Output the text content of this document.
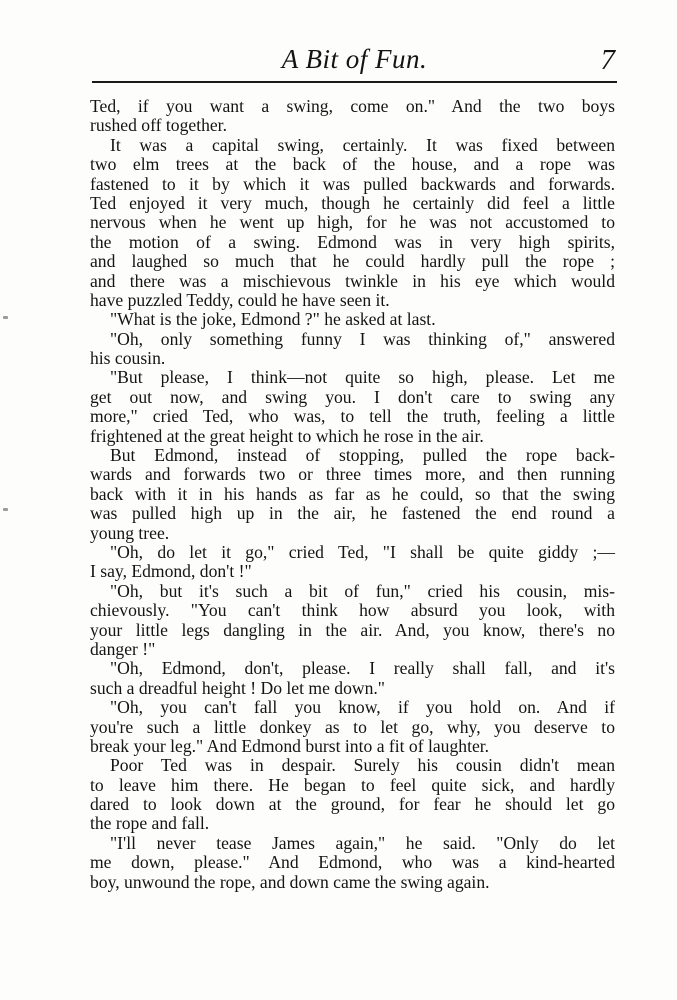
A Bit of Fun.	7
Ted, if you want a swing, come on." And the two boys
rushed off together.
It was a capital swing, certainly. It was fixed between
two elm trees at the back of the house, and a rope was
fastened to it by which it was pulled backwards and forwards.
Ted enjoyed it very much, though he certainly did feel a little
nervous when he went up high, for he was not accustomed to
the motion of a swing. Edmond was in very high spirits,
and laughed so much that he could hardly pull the rope ;
and there was a mischievous twinkle in his eye which would
have puzzled Teddy, could he have seen it.
"What is the joke, Edmond ?" he asked at last.
"Oh, only something funny I was thinking of," answered
his cousin.
"But please, I think—not quite so high, please. Let me
get out now, and swing you. I don't care to swing any
more," cried Ted, who was, to tell the truth, feeling a little
frightened at the great height to which he rose in the air.
But Edmond, instead of stopping, pulled the rope back-
wards and forwards two or three times more, and then running
back with it in his hands as far as he could, so that the swing
was pulled high up in the air, he fastened the end round a
young tree.
"Oh, do let it go," cried Ted, "I shall be quite giddy ;—
I say, Edmond, don't !"
"Oh, but it's such a bit of fun," cried his cousin, mis-
chievously. "You can't think how absurd you look, with
your little legs dangling in the air. And, you know, there's no
danger !"
"Oh, Edmond, don't, please. I really shall fall, and it's
such a dreadful height ! Do let me down."
"Oh, you can't fall you know, if you hold on. And if
you're such a little donkey as to let go, why, you deserve to
break your leg." And Edmond burst into a fit of laughter.
Poor Ted was in despair. Surely his cousin didn't mean
to leave him there. He began to feel quite sick, and hardly
dared to look down at the ground, for fear he should let go
the rope and fall.
"I'll never tease James again," he said. "Only do let
me down, please." And Edmond, who was a kind-hearted
boy, unwound the rope, and down came the swing again.
